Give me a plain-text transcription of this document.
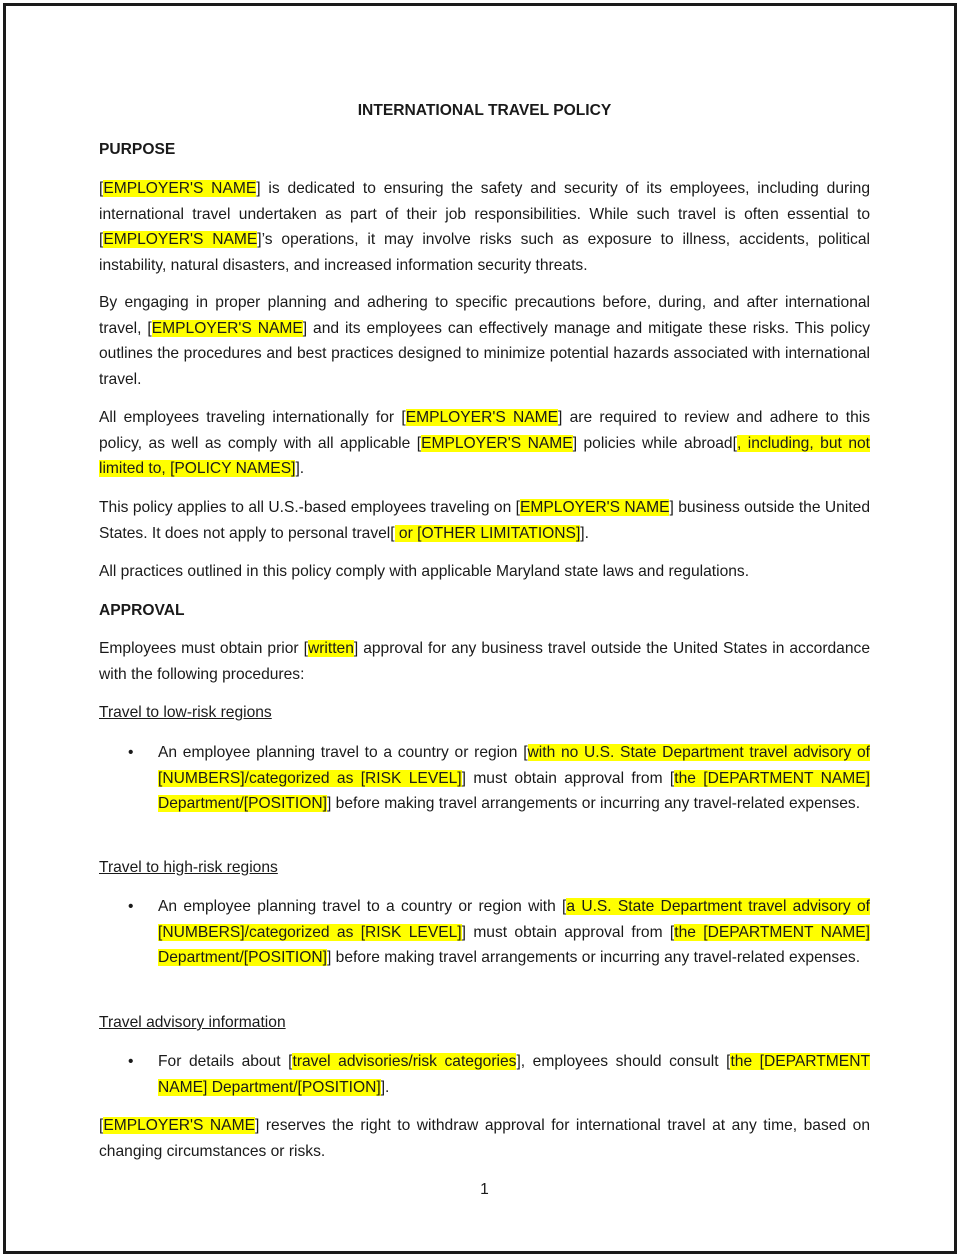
INTERNATIONAL TRAVEL POLICY
PURPOSE

[EMPLOYER'S NAME] is dedicated to ensuring the safety and security of its employees, including during international travel undertaken as part of their job responsibilities. While such travel is often essential to [EMPLOYER'S NAME]’s operations, it may involve risks such as exposure to illness, accidents, political instability, natural disasters, and increased information security threats.

By engaging in proper planning and adhering to specific precautions before, during, and after international travel, [EMPLOYER'S NAME] and its employees can effectively manage and mitigate these risks. This policy outlines the procedures and best practices designed to minimize potential hazards associated with international travel.

All employees traveling internationally for [EMPLOYER'S NAME] are required to review and adhere to this policy, as well as comply with all applicable [EMPLOYER'S NAME] policies while abroad[, including, but not limited to, [POLICY NAMES]].

This policy applies to all U.S.-based employees traveling on [EMPLOYER'S NAME] business outside the United States. It does not apply to personal travel[ or [OTHER LIMITATIONS]].

All practices outlined in this policy comply with applicable Maryland state laws and regulations.

APPROVAL

Employees must obtain prior [written] approval for any business travel outside the United States in accordance with the following procedures:

Travel to low-risk regions
• An employee planning travel to a country or region [with no U.S. State Department travel advisory of [NUMBERS]/categorized as [RISK LEVEL]] must obtain approval from [the [DEPARTMENT NAME] Department/[POSITION]] before making travel arrangements or incurring any travel-related expenses.
Travel to high-risk regions
• An employee planning travel to a country or region with [a U.S. State Department travel advisory of [NUMBERS]/categorized as [RISK LEVEL]] must obtain approval from [the [DEPARTMENT NAME] Department/[POSITION]] before making travel arrangements or incurring any travel-related expenses.
Travel advisory information
• For details about [travel advisories/risk categories], employees should consult [the [DEPARTMENT NAME] Department/[POSITION]].

[EMPLOYER'S NAME] reserves the right to withdraw approval for international travel at any time, based on changing circumstances or risks.

1
